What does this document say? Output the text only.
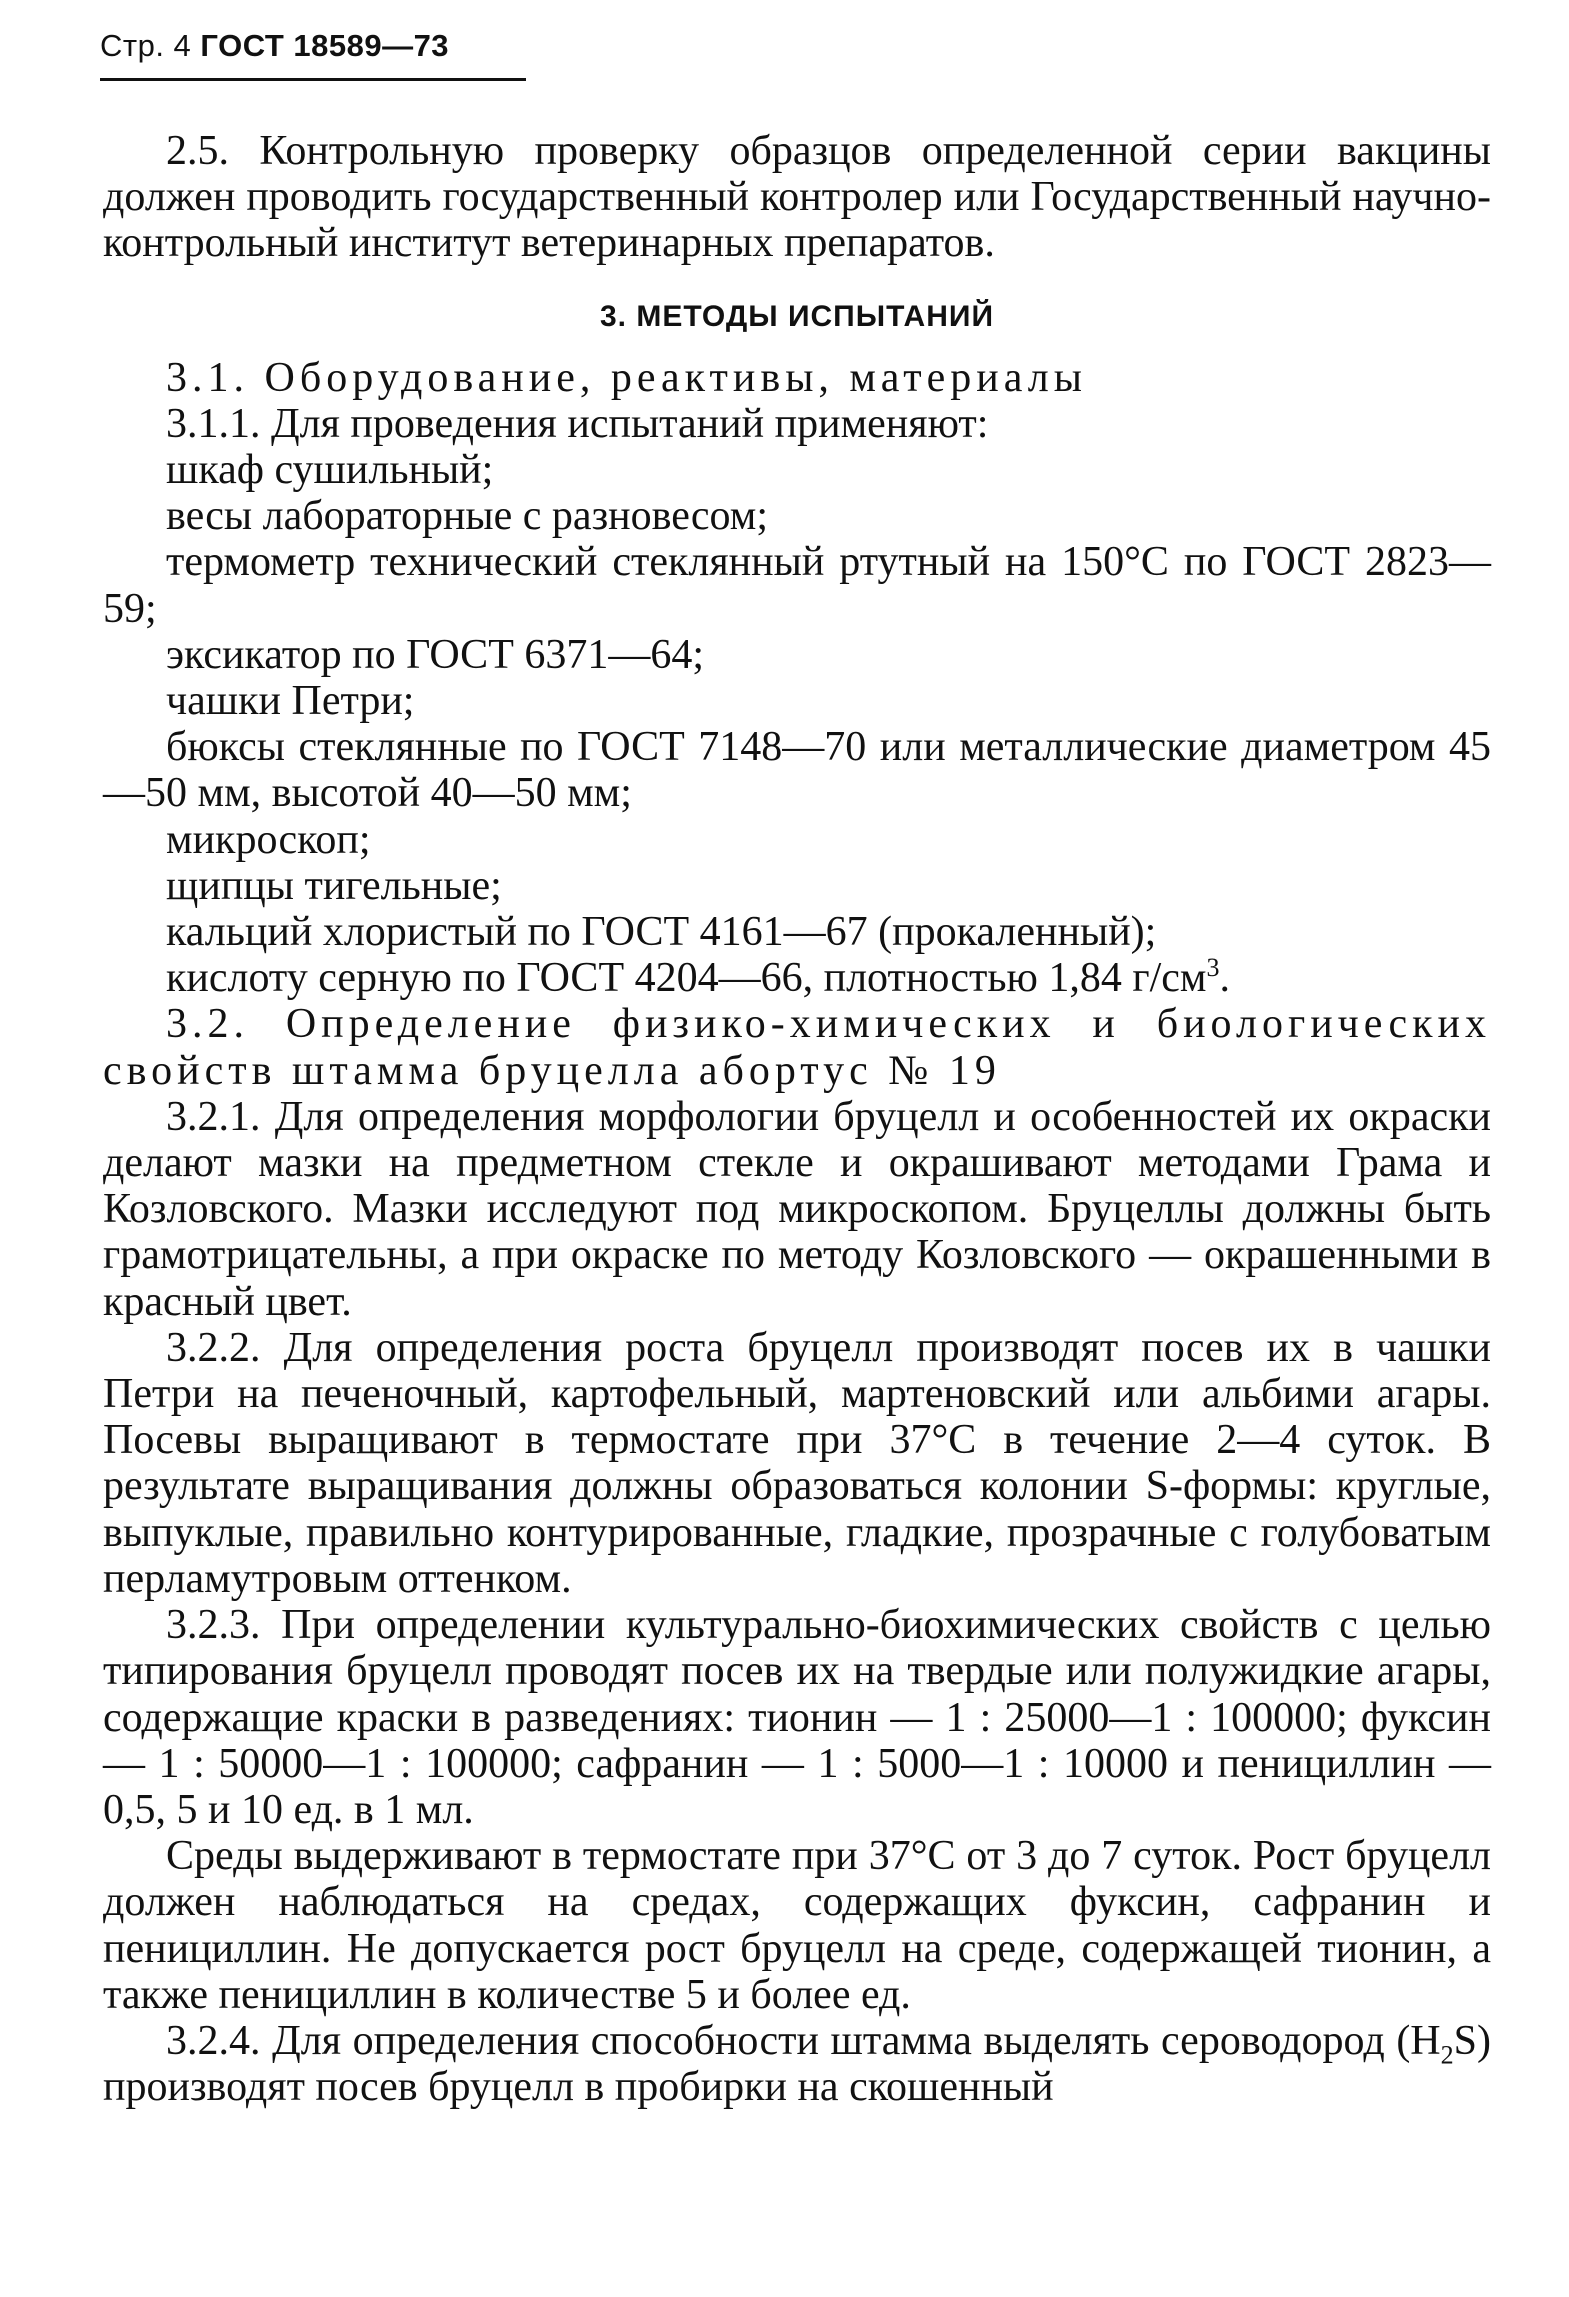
Стр. 4 ГОСТ 18589—73

2.5. Контрольную проверку образцов определенной серии вакцины должен проводить государственный контролер или Государственный научно-контрольный институт ветеринарных препаратов.

3. МЕТОДЫ ИСПЫТАНИЙ

3.1. Оборудование, реактивы, материалы

3.1.1. Для проведения испытаний применяют:

шкаф сушильный;

весы лабораторные с разновесом;

термометр технический стеклянный ртутный на 150°С по ГОСТ 2823—59;

эксикатор по ГОСТ 6371—64;

чашки Петри;

бюксы стеклянные по ГОСТ 7148—70 или металлические диаметром 45—50 мм, высотой 40—50 мм;

микроскоп;

щипцы тигельные;

кальций хлористый по ГОСТ 4161—67 (прокаленный);

кислоту серную по ГОСТ 4204—66, плотностью 1,84 $г/см^3$.

3.2. Определение физико-химических и биологических свойств штамма бруцелла абортус № 19

3.2.1. Для определения морфологии бруцелл и особенностей их окраски делают мазки на предметном стекле и окрашивают методами Грама и Козловского. Мазки исследуют под микроскопом. Бруцеллы должны быть грамотрицательны, а при окраске по методу Козловского — окрашенными в красный цвет.

3.2.2. Для определения роста бруцелл производят посев их в чашки Петри на печеночный, картофельный, мартеновский или альбими агары. Посевы выращивают в термостате при 37°С в течение 2—4 суток. В результате выращивания должны образоваться колонии S-формы: круглые, выпуклые, правильно контурированные, гладкие, прозрачные с голубоватым перламутровым оттенком.

3.2.3. При определении культурально-биохимических свойств с целью типирования бруцелл проводят посев их на твердые или полужидкие агары, содержащие краски в разведениях: тионин — 1 : 25000—1 : 100000; фуксин — 1 : 50000—1 : 100000; сафранин — 1 : 5000—1 : 10000 и пенициллин — 0,5, 5 и 10 ед. в 1 мл.

Среды выдерживают в термостате при 37°С от 3 до 7 суток. Рост бруцелл должен наблюдаться на средах, содержащих фуксин, сафранин и пенициллин. Не допускается рост бруцелл на среде, содержащей тионин, а также пенициллин в количестве 5 и более ед.

3.2.4. Для определения способности штамма выделять сероводород $(H_2S)$ производят посев бруцелл в пробирки на скошенный
